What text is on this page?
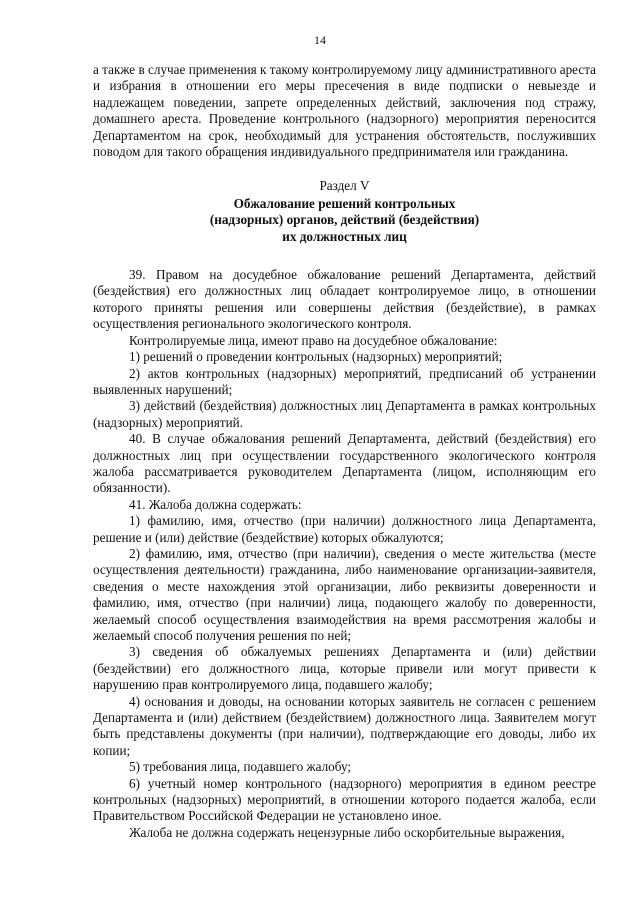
14

а также в случае применения к такому контролируемому лицу административного ареста и избрания в отношении его меры пресечения в виде подписки о невыезде и надлежащем поведении, запрете определенных действий, заключения под стражу, домашнего ареста. Проведение контрольного (надзорного) мероприятия переносится Департаментом на срок, необходимый для устранения обстоятельств, послуживших поводом для такого обращения индивидуального предпринимателя или гражданина.

Раздел V
Обжалование решений контрольных
(надзорных) органов, действий (бездействия)
их должностных лиц

39. Правом на досудебное обжалование решений Департамента, действий (бездействия) его должностных лиц обладает контролируемое лицо, в отношении которого приняты решения или совершены действия (бездействие), в рамках осуществления регионального экологического контроля.

Контролируемые лица, имеют право на досудебное обжалование:

1) решений о проведении контрольных (надзорных) мероприятий;

2) актов контрольных (надзорных) мероприятий, предписаний об устранении выявленных нарушений;

3) действий (бездействия) должностных лиц Департамента в рамках контрольных (надзорных) мероприятий.

40. В случае обжалования решений Департамента, действий (бездействия) его должностных лиц при осуществлении государственного экологического контроля жалоба рассматривается руководителем Департамента (лицом, исполняющим его обязанности).

41. Жалоба должна содержать:

1) фамилию, имя, отчество (при наличии) должностного лица Департамента, решение и (или) действие (бездействие) которых обжалуются;

2) фамилию, имя, отчество (при наличии), сведения о месте жительства (месте осуществления деятельности) гражданина, либо наименование организации-заявителя, сведения о месте нахождения этой организации, либо реквизиты доверенности и фамилию, имя, отчество (при наличии) лица, подающего жалобу по доверенности, желаемый способ осуществления взаимодействия на время рассмотрения жалобы и желаемый способ получения решения по ней;

3) сведения об обжалуемых решениях Департамента и (или) действии (бездействии) его должностного лица, которые привели или могут привести к нарушению прав контролируемого лица, подавшего жалобу;

4) основания и доводы, на основании которых заявитель не согласен с решением Департамента и (или) действием (бездействием) должностного лица. Заявителем могут быть представлены документы (при наличии), подтверждающие его доводы, либо их копии;

5) требования лица, подавшего жалобу;

6) учетный номер контрольного (надзорного) мероприятия в едином реестре контрольных (надзорных) мероприятий, в отношении которого подается жалоба, если Правительством Российской Федерации не установлено иное.

Жалоба не должна содержать нецензурные либо оскорбительные выражения,
